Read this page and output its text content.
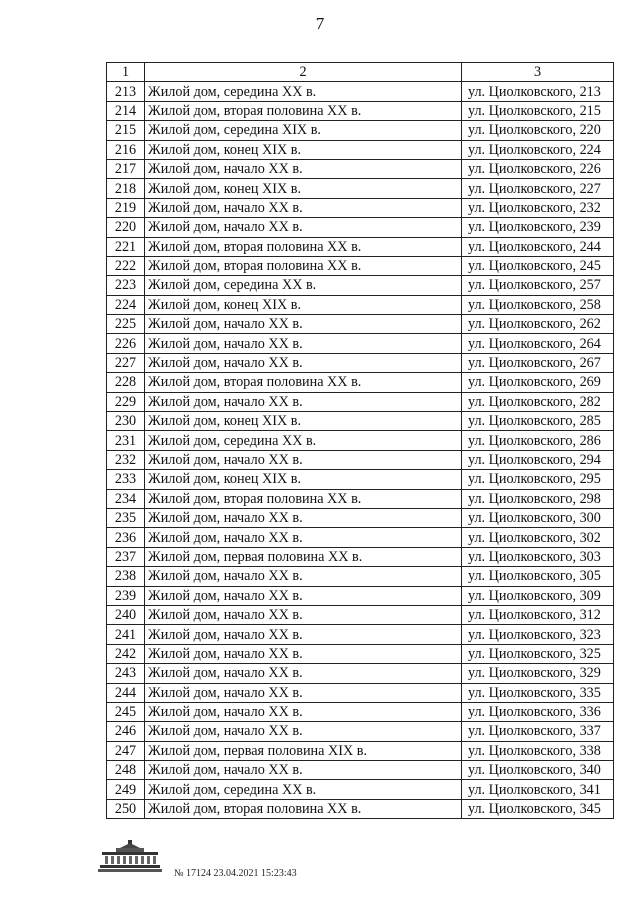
7
1	2	3
213	Жилой дом, середина XX в.	ул. Циолковского, 213
214	Жилой дом, вторая половина XX в.	ул. Циолковского, 215
215	Жилой дом, середина XIX в.	ул. Циолковского, 220
216	Жилой дом, конец XIX в.	ул. Циолковского, 224
217	Жилой дом, начало XX в.	ул. Циолковского, 226
218	Жилой дом, конец XIX в.	ул. Циолковского, 227
219	Жилой дом, начало XX в.	ул. Циолковского, 232
220	Жилой дом, начало XX в.	ул. Циолковского, 239
221	Жилой дом, вторая половина XX в.	ул. Циолковского, 244
222	Жилой дом, вторая половина XX в.	ул. Циолковского, 245
223	Жилой дом, середина XX в.	ул. Циолковского, 257
224	Жилой дом, конец XIX в.	ул. Циолковского, 258
225	Жилой дом, начало XX в.	ул. Циолковского, 262
226	Жилой дом, начало XX в.	ул. Циолковского, 264
227	Жилой дом, начало XX в.	ул. Циолковского, 267
228	Жилой дом, вторая половина XX в.	ул. Циолковского, 269
229	Жилой дом, начало XX в.	ул. Циолковского, 282
230	Жилой дом, конец XIX в.	ул. Циолковского, 285
231	Жилой дом, середина XX в.	ул. Циолковского, 286
232	Жилой дом, начало XX в.	ул. Циолковского, 294
233	Жилой дом, конец XIX в.	ул. Циолковского, 295
234	Жилой дом, вторая половина XX в.	ул. Циолковского, 298
235	Жилой дом, начало XX в.	ул. Циолковского, 300
236	Жилой дом, начало XX в.	ул. Циолковского, 302
237	Жилой дом, первая половина XX в.	ул. Циолковского, 303
238	Жилой дом, начало XX в.	ул. Циолковского, 305
239	Жилой дом, начало XX в.	ул. Циолковского, 309
240	Жилой дом, начало XX в.	ул. Циолковского, 312
241	Жилой дом, начало XX в.	ул. Циолковского, 323
242	Жилой дом, начало XX в.	ул. Циолковского, 325
243	Жилой дом, начало XX в.	ул. Циолковского, 329
244	Жилой дом, начало XX в.	ул. Циолковского, 335
245	Жилой дом, начало XX в.	ул. Циолковского, 336
246	Жилой дом, начало XX в.	ул. Циолковского, 337
247	Жилой дом, первая половина XIX в.	ул. Циолковского, 338
248	Жилой дом, начало XX в.	ул. Циолковского, 340
249	Жилой дом, середина XX в.	ул. Циолковского, 341
250	Жилой дом, вторая половина XX в.	ул. Циолковского, 345
№ 17124 23.04.2021 15:23:43
